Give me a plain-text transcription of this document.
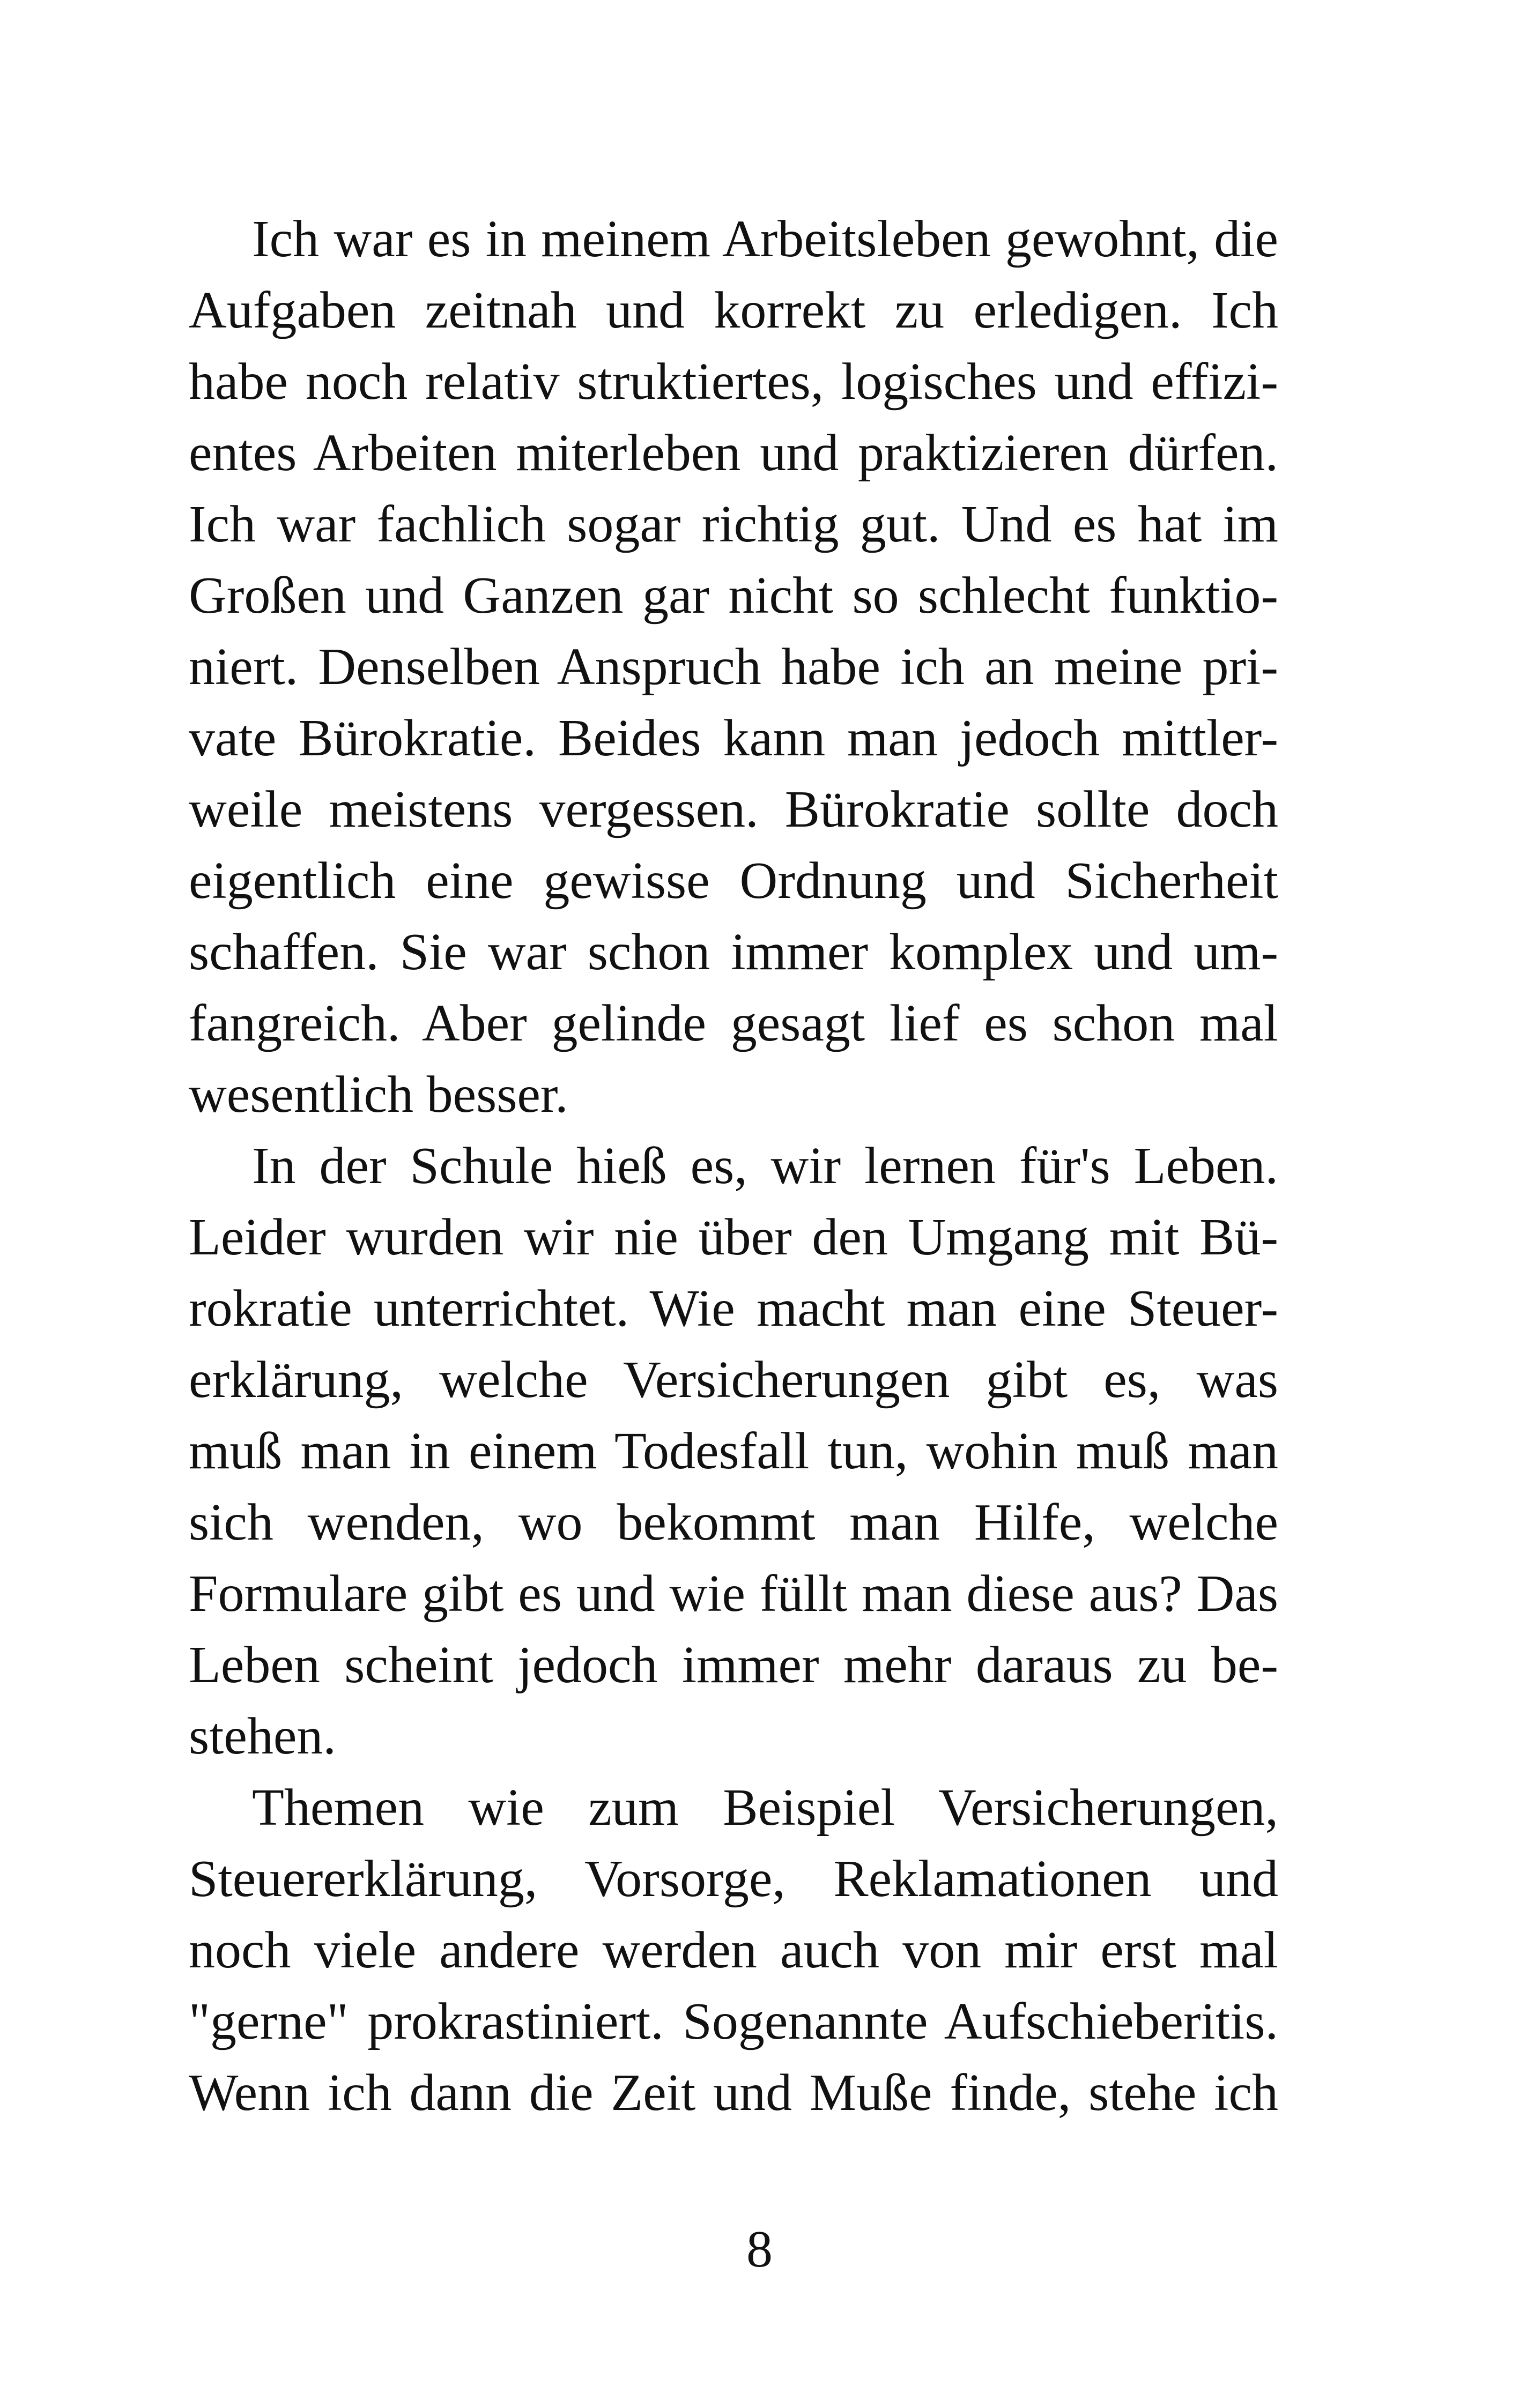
Ich war es in meinem Arbeitsleben gewohnt, die
Aufgaben zeitnah und korrekt zu erledigen. Ich
habe noch relativ struktiertes, logisches und effizi-
entes Arbeiten miterleben und praktizieren dürfen.
Ich war fachlich sogar richtig gut. Und es hat im
Großen und Ganzen gar nicht so schlecht funktio-
niert. Denselben Anspruch habe ich an meine pri-
vate Bürokratie. Beides kann man jedoch mittler-
weile meistens vergessen. Bürokratie sollte doch
eigentlich eine gewisse Ordnung und Sicherheit
schaffen. Sie war schon immer komplex und um-
fangreich. Aber gelinde gesagt lief es schon mal
wesentlich besser.
In der Schule hieß es, wir lernen für's Leben.
Leider wurden wir nie über den Umgang mit Bü-
rokratie unterrichtet. Wie macht man eine Steuer-
erklärung, welche Versicherungen gibt es, was
muß man in einem Todesfall tun, wohin muß man
sich wenden, wo bekommt man Hilfe, welche
Formulare gibt es und wie füllt man diese aus? Das
Leben scheint jedoch immer mehr daraus zu be-
stehen.
Themen wie zum Beispiel Versicherungen,
Steuererklärung, Vorsorge, Reklamationen und
noch viele andere werden auch von mir erst mal
"gerne" prokrastiniert. Sogenannte Aufschieberitis.
Wenn ich dann die Zeit und Muße finde, stehe ich
8
